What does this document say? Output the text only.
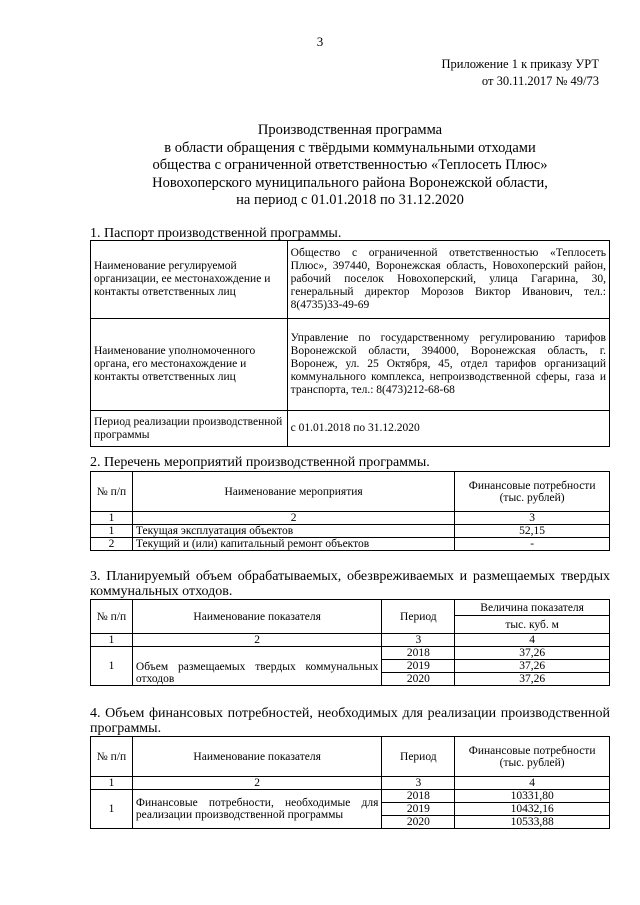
3
Приложение 1 к приказу УРТ
от 30.11.2017 № 49/73
Производственная программа
в области обращения с твёрдыми коммунальными отходами
общества с ограниченной ответственностью «Теплосеть Плюс»
Новохоперского муниципального района Воронежской области,
на период с 01.01.2018 по 31.12.2020
1. Паспорт производственной программы.
Наименование регулируемой организации, ее местонахождение и контакты ответственных лиц	Общество с ограниченной ответственностью «Теплосеть Плюс», 397440, Воронежская область, Новохоперский район, рабочий поселок Новохоперский, улица Гагарина, 30, генеральный директор Морозов Виктор Иванович, тел.: 8(4735)33-49-69
Наименование уполномоченного органа, его местонахождение и контакты ответственных лиц	Управление по государственному регулированию тарифов Воронежской области, 394000, Воронежская область, г. Воронеж, ул. 25 Октября, 45, отдел тарифов организаций коммунального комплекса, непроизводственной сферы, газа и транспорта, тел.: 8(473)212-68-68
Период реализации производственной программы	с 01.01.2018 по 31.12.2020
2. Перечень мероприятий производственной программы.
№ п/п	Наименование мероприятия	Финансовые потребности (тыс. рублей)
1	2	3
1	Текущая эксплуатация объектов	52,15
2	Текущий и (или) капитальный ремонт объектов	-
3. Планируемый объем обрабатываемых, обезвреживаемых и размещаемых твердых коммунальных отходов.
№ п/п	Наименование показателя	Период	Величина показателя
			тыс. куб. м
1	2	3	4
1	Объем размещаемых твердых коммунальных отходов	2018	37,26
		2019	37,26
		2020	37,26
4. Объем финансовых потребностей, необходимых для реализации производственной программы.
№ п/п	Наименование показателя	Период	Финансовые потребности (тыс. рублей)
1	2	3	4
1	Финансовые потребности, необходимые для реализации производственной программы	2018	10331,80
		2019	10432,16
		2020	10533,88
